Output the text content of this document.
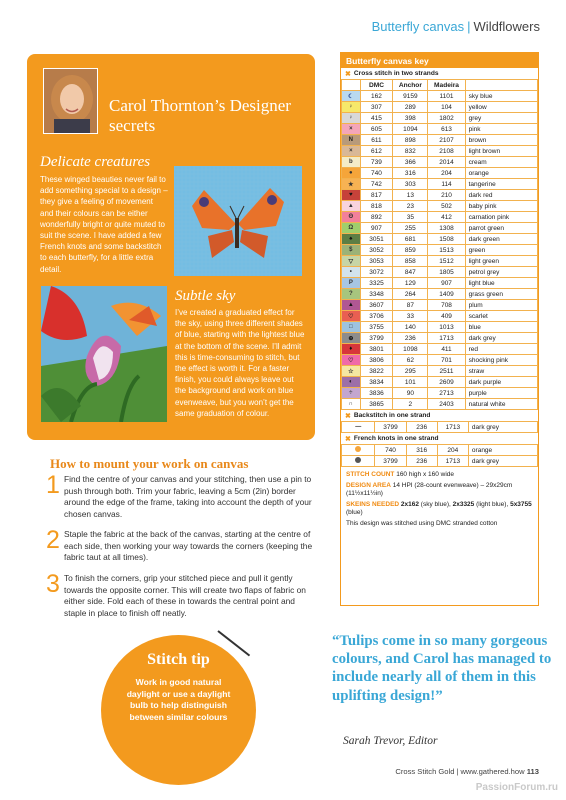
Butterfly canvas | Wildflowers
Carol Thornton’s Designer secrets
Delicate creatures

These winged beauties never fail to add something special to a design – they give a feeling of movement and their colours can be either wonderfully bright or quite muted to suit the scene. I have added a few French knots and some backstitch to each butterfly, for a little extra detail.

Subtle sky

I’ve created a graduated effect for the sky, using three different shades of blue, starting with the lightest blue at the bottom of the scene. I’ll admit this is time-consuming to stitch, but the effect is worth it. For a faster finish, you could always leave out the background and work on blue evenweave, but you won’t get the same graduation of colour.

How to mount your work on canvas
1 Find the centre of your canvas and your stitching, then use a pin to push through both. Trim your fabric, leaving a 5cm (2in) border around the edge of the frame, taking into account the depth of your chosen canvas.

2 Staple the fabric at the back of the canvas, starting at the centre of each side, then working your way towards the corners (keeping the fabric taut at all times).

3 To finish the corners, grip your stitched piece and pull it gently towards the opposite corner. This will create two flaps of fabric on either side. Fold each of these in towards the central point and staple in place to finish off neatly.

Stitch tip
Work in good natural daylight or use a daylight bulb to help distinguish between similar colours
“Tulips come in so many gorgeous colours, and Carol has managed to include nearly all of them in this uplifting design!”
Sarah Trevor, Editor
Cross Stitch Gold | www.gathered.how 113
PassionForum.ru
Butterfly canvas key
✖ Cross stitch in two strands
	DMC	Anchor	Madeira	
☾	162	9159	1101	sky blue
♀	307	289	104	yellow
♀	415	398	1802	grey
×	605	1094	613	pink
N	611	898	2107	brown
×	612	832	2108	light brown
b	739	366	2014	cream
●	740	316	204	orange
★	742	303	114	tangerine
♥	817	13	210	dark red
▲	818	23	502	baby pink
Θ	892	35	412	carnation pink
Ω	907	255	1308	parrot green
♠	3051	681	1508	dark green
$	3052	859	1513	green
▽	3053	858	1512	light green
•	3072	847	1805	petrol grey
P	3325	129	907	light blue
?	3348	264	1409	grass green
▲	3607	87	708	plum
♡	3706	33	409	scarlet
□	3755	140	1013	blue
⊕	3799	236	1713	dark grey
♦	3801	1098	411	red
♡	3806	62	701	shocking pink
☆	3822	295	2511	straw
◐	3834	101	2609	dark purple
÷	3836	90	2713	purple
∩	3865	2	2403	natural white
✖ Backstitch in one strand
—	3799	236	1713	dark grey
✖ French knots in one strand
	740	316	204	orange
	3799	236	1713	dark grey

STITCH COUNT 160 high x 160 wide

DESIGN AREA 14 HPI (28-count evenweave) – 29x29cm (11½x11½in)

SKEINS NEEDED 2x162 (sky blue), 2x3325 (light blue), 5x3755 (blue)

This design was stitched using DMC stranded cotton
